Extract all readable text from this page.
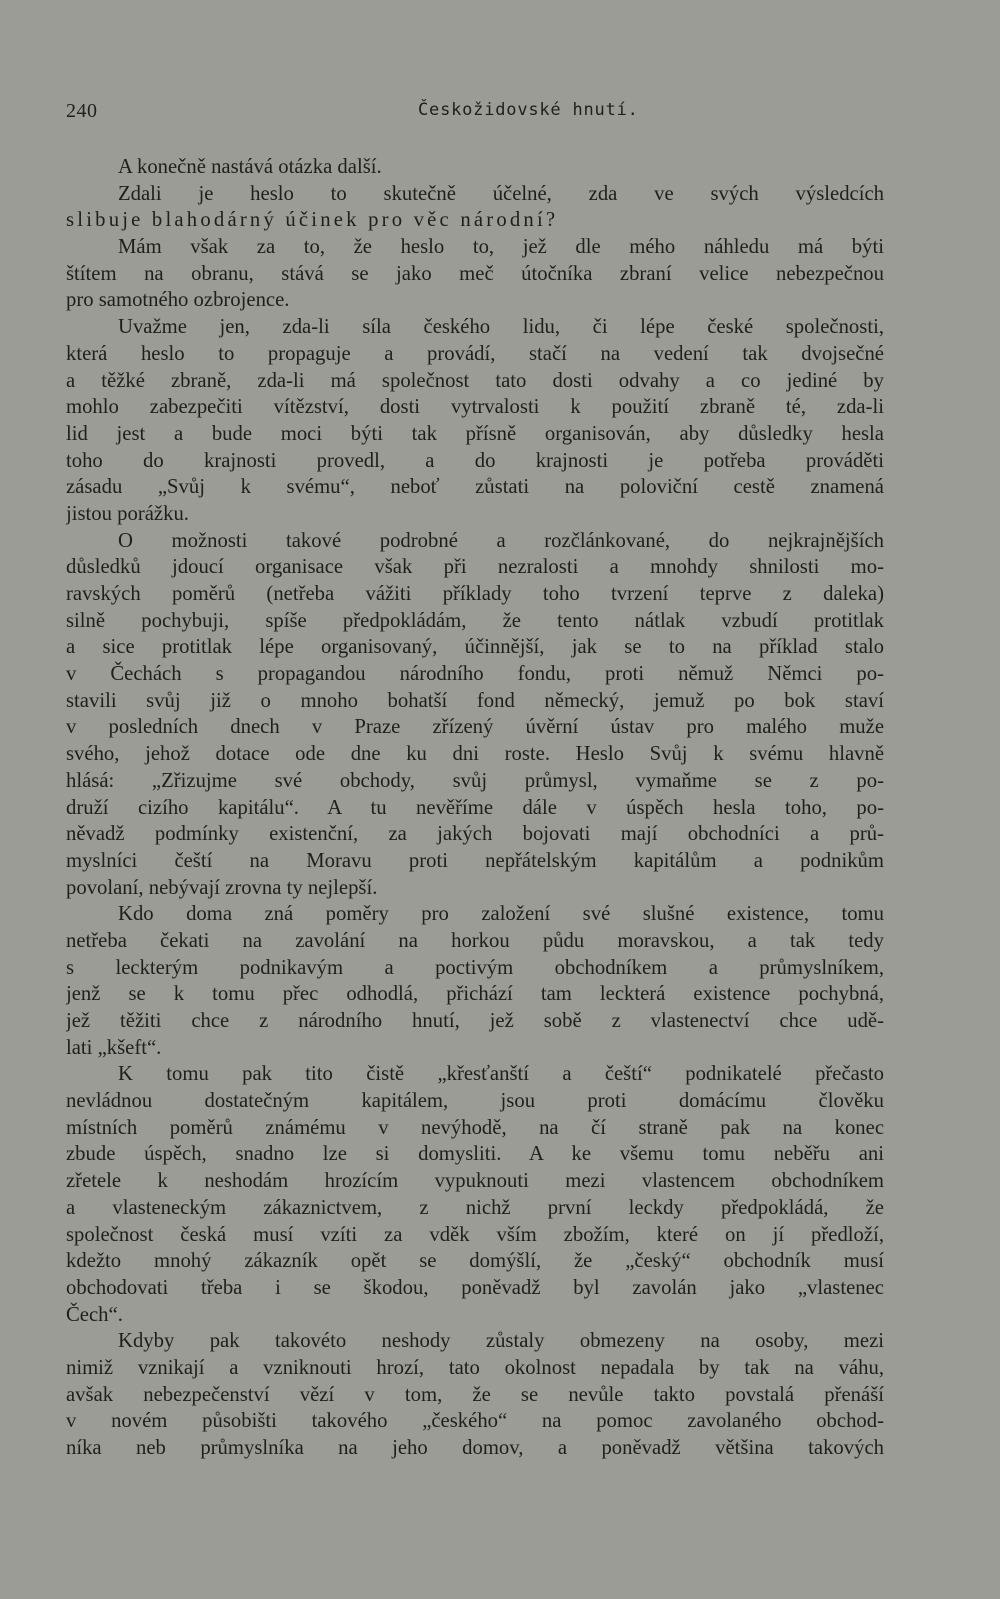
240	Českožidovské hnutí.
A konečně nastává otázka další.
Zdali je heslo to skutečně účelné, zda ve svých výsledcích
slibuje blahodárný účinek pro věc národní?
Mám však za to, že heslo to, jež dle mého náhledu má býti
štítem na obranu, stává se jako meč útočníka zbraní velice nebezpečnou
pro samotného ozbrojence.
Uvažme jen, zda-li síla českého lidu, či lépe české společnosti,
která heslo to propaguje a provádí, stačí na vedení tak dvojsečné
a těžké zbraně, zda-li má společnost tato dosti odvahy a co jediné by
mohlo zabezpečiti vítězství, dosti vytrvalosti k použití zbraně té, zda-li
lid jest a bude moci býti tak přísně organisován, aby důsledky hesla
toho do krajnosti provedl, a do krajnosti je potřeba prováděti
zásadu „Svůj k svému“, neboť zůstati na poloviční cestě znamená
jistou porážku.
O možnosti takové podrobné a rozčlánkované, do nejkrajnějších
důsledků jdoucí organisace však při nezralosti a mnohdy shnilosti mo-
ravských poměrů (netřeba vážiti příklady toho tvrzení teprve z daleka)
silně pochybuji, spíše předpokládám, že tento nátlak vzbudí protitlak
a sice protitlak lépe organisovaný, účinnější, jak se to na příklad stalo
v Čechách s propagandou národního fondu, proti němuž Němci po-
stavili svůj již o mnoho bohatší fond německý, jemuž po bok staví
v posledních dnech v Praze zřízený úvěrní ústav pro malého muže
svého, jehož dotace ode dne ku dni roste. Heslo Svůj k svému hlavně
hlásá: „Zřizujme své obchody, svůj průmysl, vymaňme se z po-
druží cizího kapitálu“. A tu nevěříme dále v úspěch hesla toho, po-
něvadž podmínky existenční, za jakých bojovati mají obchodníci a prů-
myslníci čeští na Moravu proti nepřátelským kapitálům a podnikům
povolaní, nebývají zrovna ty nejlepší.
Kdo doma zná poměry pro založení své slušné existence, tomu
netřeba čekati na zavolání na horkou půdu moravskou, a tak tedy
s leckterým podnikavým a poctivým obchodníkem a průmyslníkem,
jenž se k tomu přec odhodlá, přichází tam leckterá existence pochybná,
jež těžiti chce z národního hnutí, jež sobě z vlastenectví chce udě-
lati „kšeft“.
K tomu pak tito čistě „křesťanští a čeští“ podnikatelé přečasto
nevládnou dostatečným kapitálem, jsou proti domácímu člověku
místních poměrů známému v nevýhodě, na čí straně pak na konec
zbude úspěch, snadno lze si domysliti. A ke všemu tomu neběřu ani
zřetele k neshodám hrozícím vypuknouti mezi vlastencem obchodníkem
a vlasteneckým zákaznictvem, z nichž první leckdy předpokládá, že
společnost česká musí vzíti za vděk vším zbožím, které on jí předloží,
kdežto mnohý zákazník opět se domýšlí, že „český“ obchodník musí
obchodovati třeba i se škodou, poněvadž byl zavolán jako „vlastenec
Čech“.
Kdyby pak takovéto neshody zůstaly obmezeny na osoby, mezi
nimiž vznikají a vzniknouti hrozí, tato okolnost nepadala by tak na váhu,
avšak nebezpečenství vězí v tom, že se nevůle takto povstalá přenáší
v novém působišti takového „českého“ na pomoc zavolaného obchod-
níka neb průmyslníka na jeho domov, a poněvadž většina takových
